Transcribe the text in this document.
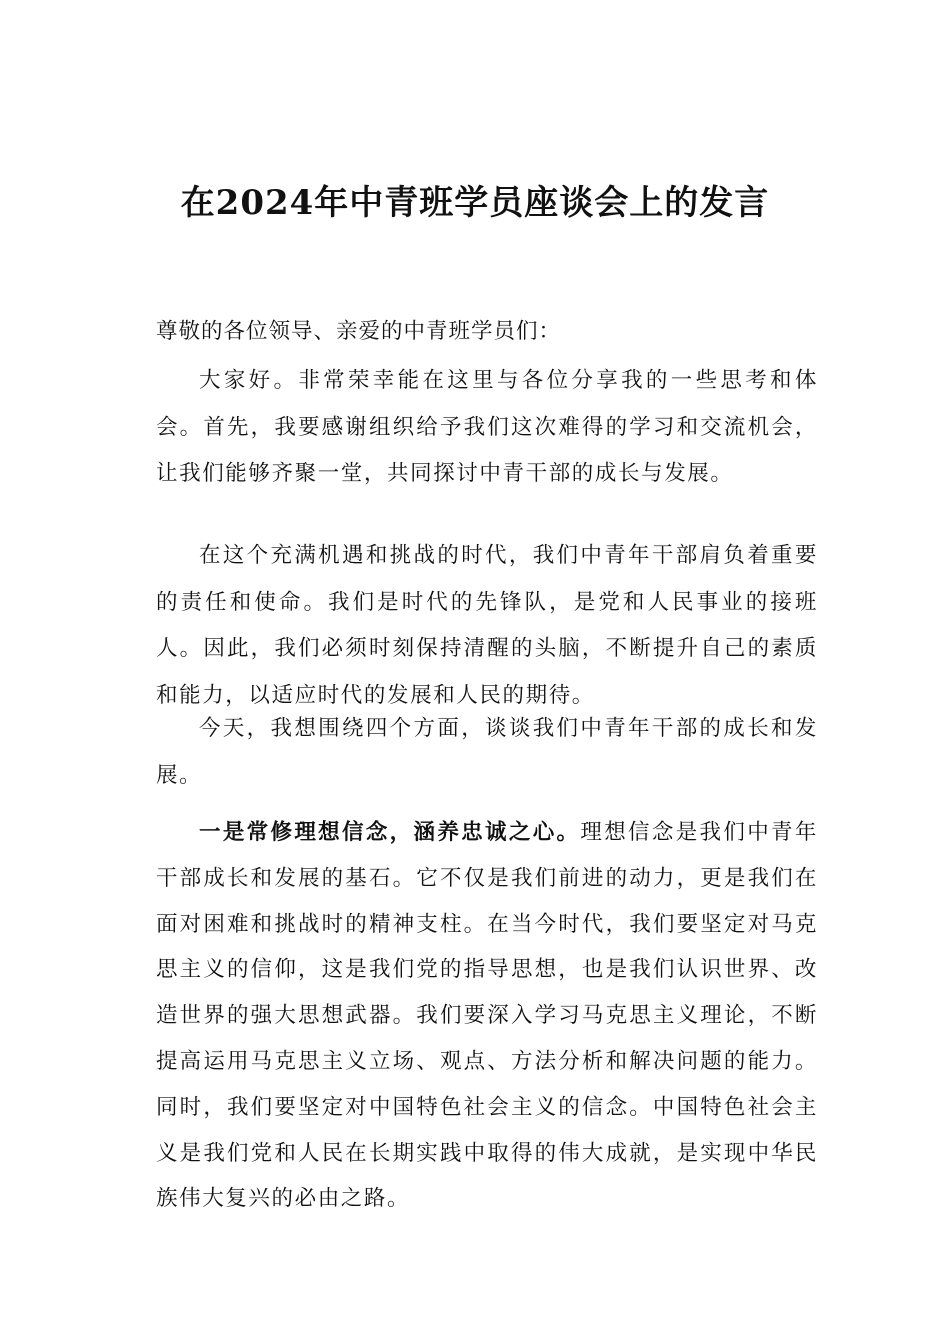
在2024年中青班学员座谈会上的发言

尊敬的各位领导、亲爱的中青班学员们：

大家好。非常荣幸能在这里与各位分享我的一些思考和体会。首先，我要感谢组织给予我们这次难得的学习和交流机会，让我们能够齐聚一堂，共同探讨中青干部的成长与发展。

在这个充满机遇和挑战的时代，我们中青年干部肩负着重要的责任和使命。我们是时代的先锋队，是党和人民事业的接班人。因此，我们必须时刻保持清醒的头脑，不断提升自己的素质和能力，以适应时代的发展和人民的期待。

今天，我想围绕四个方面，谈谈我们中青年干部的成长和发展。

一是常修理想信念，涵养忠诚之心。理想信念是我们中青年干部成长和发展的基石。它不仅是我们前进的动力，更是我们在面对困难和挑战时的精神支柱。在当今时代，我们要坚定对马克思主义的信仰，这是我们党的指导思想，也是我们认识世界、改造世界的强大思想武器。我们要深入学习马克思主义理论，不断提高运用马克思主义立场、观点、方法分析和解决问题的能力。同时，我们要坚定对中国特色社会主义的信念。中国特色社会主义是我们党和人民在长期实践中取得的伟大成就，是实现中华民族伟大复兴的必由之路。
